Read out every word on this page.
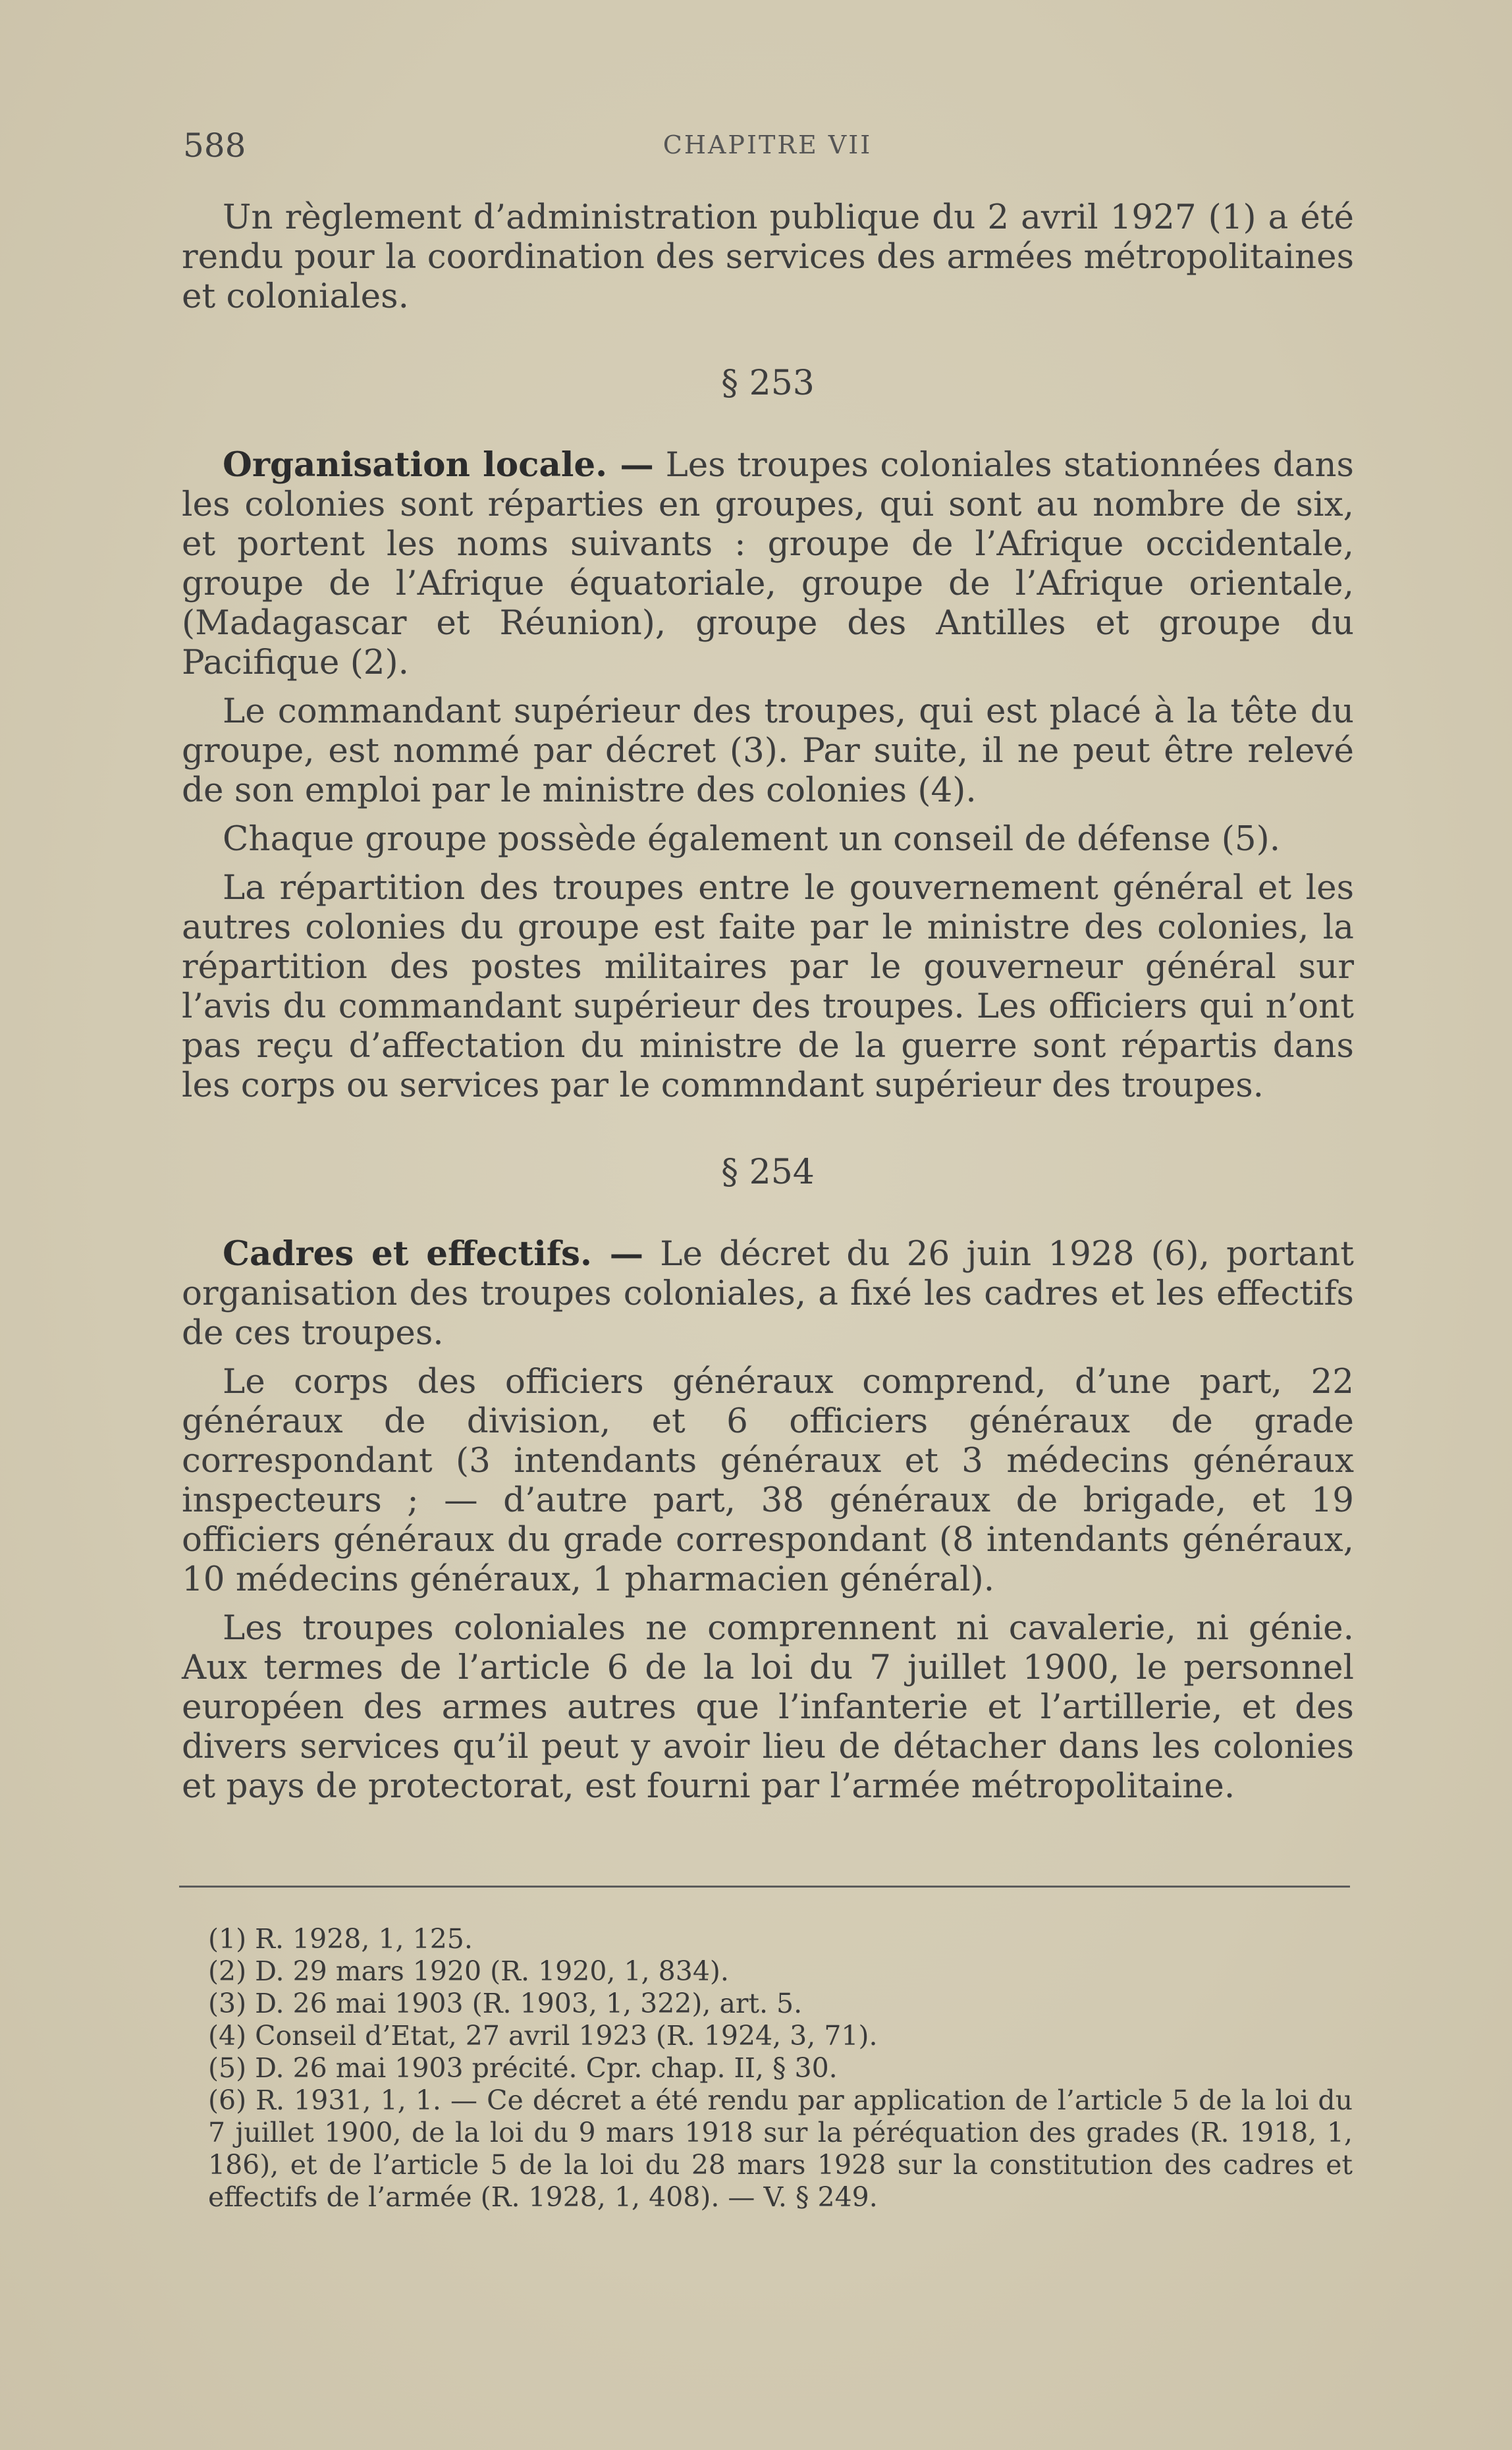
588	CHAPITRE VII

Un règlement d’administration publique du 2 avril 1927 (1) a été rendu pour la coordination des services des armées métropolitaines et coloniales.

§ 253

Organisation locale. — Les troupes coloniales stationnées dans les colonies sont réparties en groupes, qui sont au nombre de six, et portent les noms suivants : groupe de l’Afrique occidentale, groupe de l’Afrique équatoriale, groupe de l’Afrique orientale, (Madagascar et Réunion), groupe des Antilles et groupe du Pacifique (2).

Le commandant supérieur des troupes, qui est placé à la tête du groupe, est nommé par décret (3). Par suite, il ne peut être relevé de son emploi par le ministre des colonies (4).

Chaque groupe possède également un conseil de défense (5).

La répartition des troupes entre le gouvernement général et les autres colonies du groupe est faite par le ministre des colonies, la répartition des postes militaires par le gouverneur général sur l’avis du commandant supérieur des troupes. Les officiers qui n’ont pas reçu d’affectation du ministre de la guerre sont répartis dans les corps ou services par le commndant supérieur des troupes.

§ 254

Cadres et effectifs. — Le décret du 26 juin 1928 (6), portant organisation des troupes coloniales, a fixé les cadres et les effectifs de ces troupes.

Le corps des officiers généraux comprend, d’une part, 22 généraux de division, et 6 officiers généraux de grade correspondant (3 intendants généraux et 3 médecins généraux inspecteurs ; — d’autre part, 38 généraux de brigade, et 19 officiers généraux du grade correspondant (8 intendants généraux, 10 médecins généraux, 1 pharmacien général).

Les troupes coloniales ne comprennent ni cavalerie, ni génie. Aux termes de l’article 6 de la loi du 7 juillet 1900, le personnel européen des armes autres que l’infanterie et l’artillerie, et des divers services qu’il peut y avoir lieu de détacher dans les colonies et pays de protectorat, est fourni par l’armée métropolitaine.

(1) R. 1928, 1, 125.

(2) D. 29 mars 1920 (R. 1920, 1, 834).

(3) D. 26 mai 1903 (R. 1903, 1, 322), art. 5.

(4) Conseil d’Etat, 27 avril 1923 (R. 1924, 3, 71).

(5) D. 26 mai 1903 précité. Cpr. chap. II, § 30.

(6) R. 1931, 1, 1. — Ce décret a été rendu par application de l’article 5 de la loi du 7 juillet 1900, de la loi du 9 mars 1918 sur la péréquation des grades (R. 1918, 1, 186), et de l’article 5 de la loi du 28 mars 1928 sur la constitution des cadres et effectifs de l’armée (R. 1928, 1, 408). — V. § 249.
